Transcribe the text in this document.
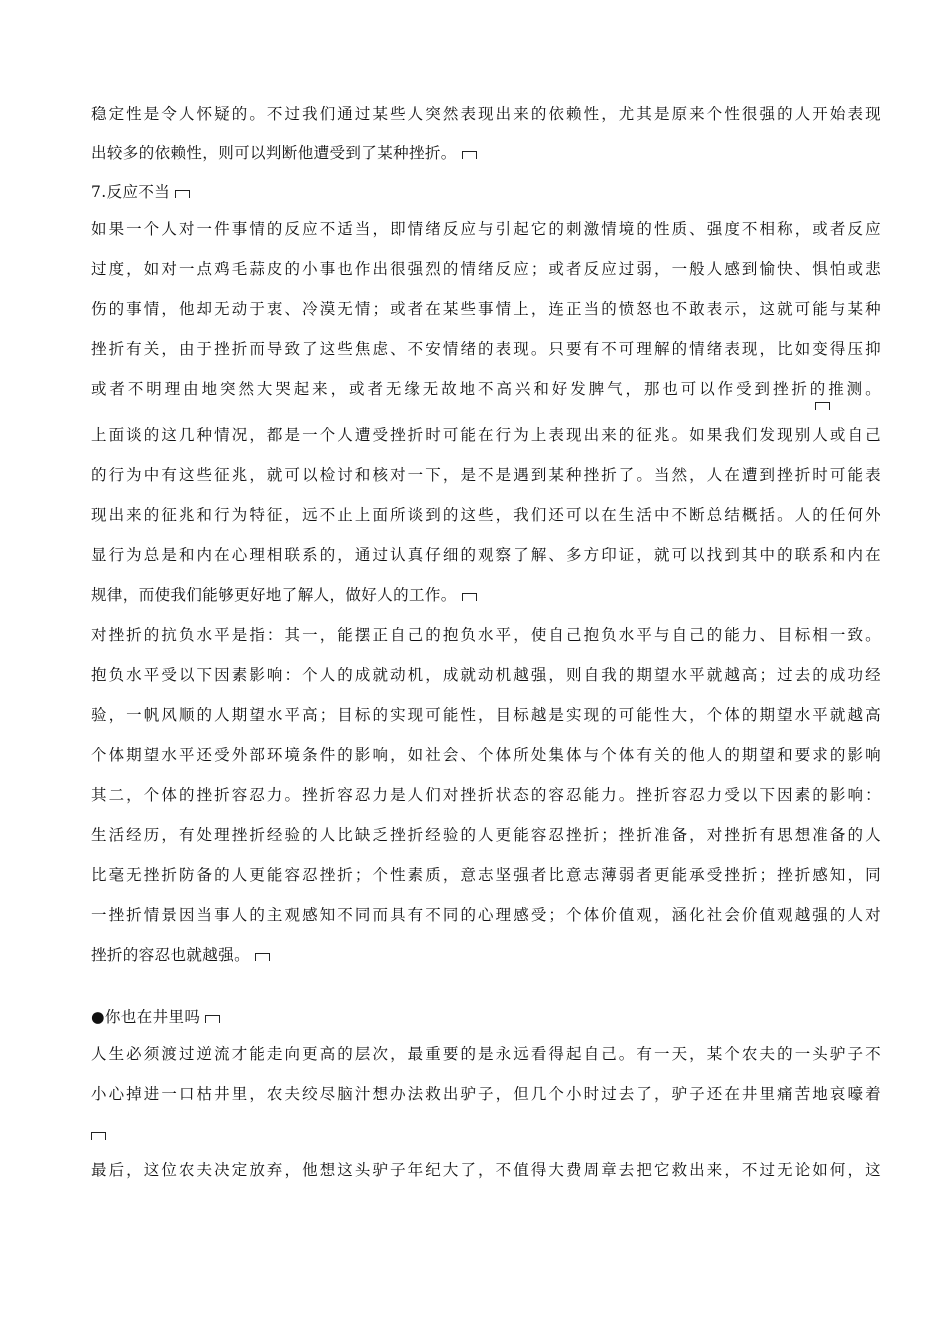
稳定性是令人怀疑的。不过我们通过某些人突然表现出来的依赖性，尤其是原来个性很强的人开始表现
出较多的依赖性，则可以判断他遭受到了某种挫折。
7.反应不当
如果一个人对一件事情的反应不适当，即情绪反应与引起它的刺激情境的性质、强度不相称，或者反应
过度，如对一点鸡毛蒜皮的小事也作出很强烈的情绪反应；或者反应过弱，一般人感到愉快、惧怕或悲
伤的事情，他却无动于衷、冷漠无情；或者在某些事情上，连正当的愤怒也不敢表示，这就可能与某种
挫折有关，由于挫折而导致了这些焦虑、不安情绪的表现。只要有不可理解的情绪表现，比如变得压抑
或者不明理由地突然大哭起来，或者无缘无故地不高兴和好发脾气，那也可以作受到挫折的推测。
上面谈的这几种情况，都是一个人遭受挫折时可能在行为上表现出来的征兆。如果我们发现别人或自己
的行为中有这些征兆，就可以检讨和核对一下，是不是遇到某种挫折了。当然，人在遭到挫折时可能表
现出来的征兆和行为特征，远不止上面所谈到的这些，我们还可以在生活中不断总结概括。人的任何外
显行为总是和内在心理相联系的，通过认真仔细的观察了解、多方印证，就可以找到其中的联系和内在
规律，而使我们能够更好地了解人，做好人的工作。
对挫折的抗负水平是指：其一，能摆正自己的抱负水平，使自己抱负水平与自己的能力、目标相一致。
抱负水平受以下因素影响：个人的成就动机，成就动机越强，则自我的期望水平就越高；过去的成功经
验，一帆风顺的人期望水平高；目标的实现可能性，目标越是实现的可能性大，个体的期望水平就越高
个体期望水平还受外部环境条件的影响，如社会、个体所处集体与个体有关的他人的期望和要求的影响
其二，个体的挫折容忍力。挫折容忍力是人们对挫折状态的容忍能力。挫折容忍力受以下因素的影响：
生活经历，有处理挫折经验的人比缺乏挫折经验的人更能容忍挫折；挫折准备，对挫折有思想准备的人
比毫无挫折防备的人更能容忍挫折；个性素质，意志坚强者比意志薄弱者更能承受挫折；挫折感知，同
一挫折情景因当事人的主观感知不同而具有不同的心理感受；个体价值观，涵化社会价值观越强的人对
挫折的容忍也就越强。
●你也在井里吗
人生必须渡过逆流才能走向更高的层次，最重要的是永远看得起自己。有一天，某个农夫的一头驴子不
小心掉进一口枯井里，农夫绞尽脑汁想办法救出驴子，但几个小时过去了，驴子还在井里痛苦地哀嚎着
最后，这位农夫决定放弃，他想这头驴子年纪大了，不值得大费周章去把它救出来，不过无论如何，这
